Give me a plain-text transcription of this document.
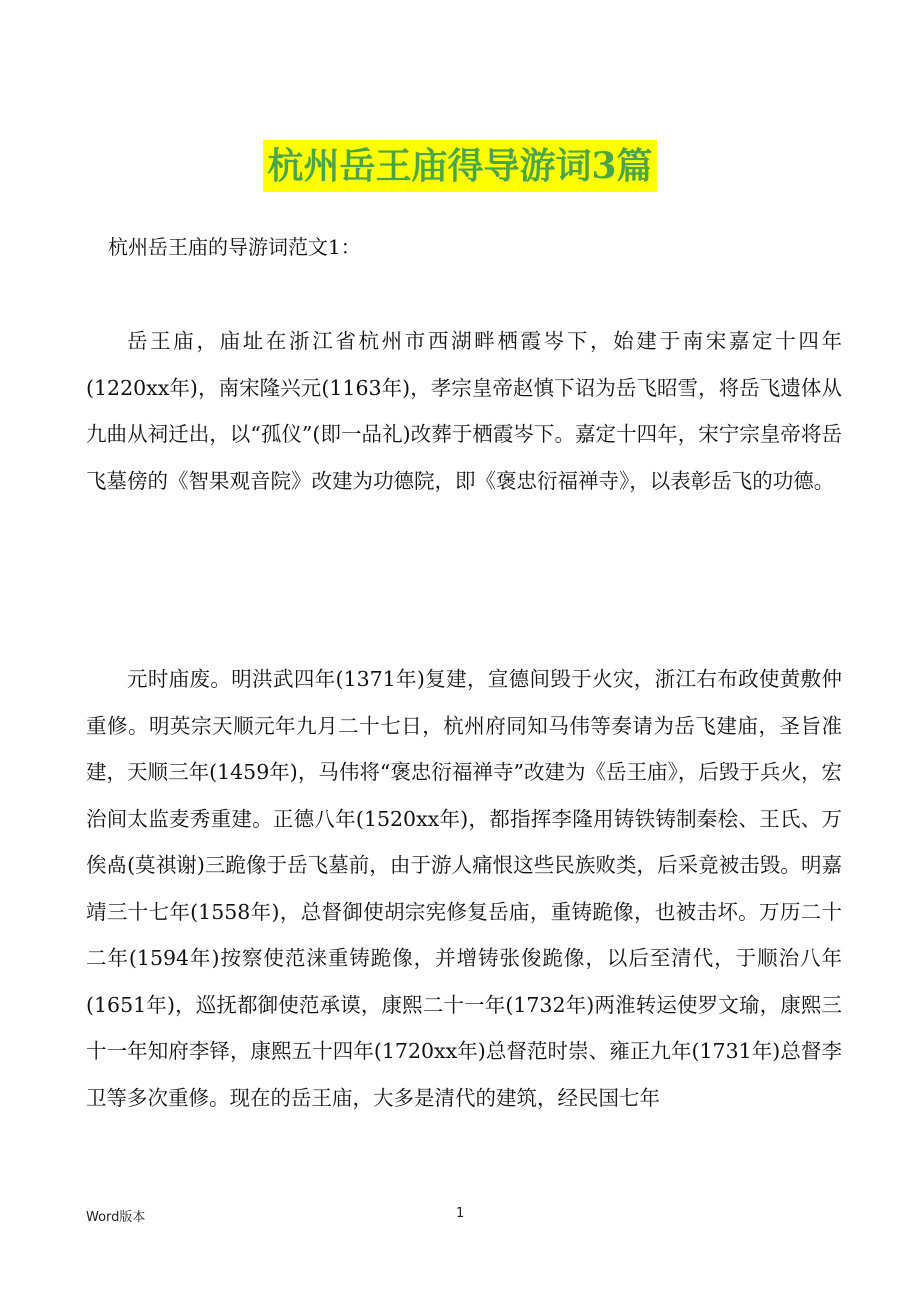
杭州岳王庙得导游词3篇

杭州岳王庙的导游词范文1：

岳王庙，庙址在浙江省杭州市西湖畔栖霞岑下，始建于南宋嘉定十四年(1220xx年)，南宋隆兴元(1163年)，孝宗皇帝赵慎下诏为岳飞昭雪，将岳飞遗体从九曲从祠迁出，以“孤仪”(即一品礼)改葬于栖霞岑下。嘉定十四年，宋宁宗皇帝将岳飞墓傍的《智果观音院》改建为功德院，即《褒忠衍福禅寺》，以表彰岳飞的功德。

元时庙废。明洪武四年(1371年)复建，宣德间毁于火灾，浙江右布政使黄敷仲重修。明英宗天顺元年九月二十七日，杭州府同知马伟等奏请为岳飞建庙，圣旨准建，天顺三年(1459年)，马伟将“褒忠衍福禅寺”改建为《岳王庙》，后毁于兵火，宏治间太监麦秀重建。正德八年(1520xx年)，都指挥李隆用铸铁铸制秦桧、王氏、万俟卨(莫祺谢)三跪像于岳飞墓前，由于游人痛恨这些民族败类，后采竟被击毁。明嘉靖三十七年(1558年)，总督御使胡宗宪修复岳庙，重铸跪像，也被击坏。万历二十二年(1594年)按察使范涞重铸跪像，并增铸张俊跪像，以后至清代，于顺治八年(1651年)，巡抚都御使范承谟，康熙二十一年(1732年)两淮转运使罗文瑜，康熙三十一年知府李铎，康熙五十四年(1720xx年)总督范时崇、雍正九年(1731年)总督李卫等多次重修。现在的岳王庙，大多是清代的建筑，经民国七年

Word版本	1
